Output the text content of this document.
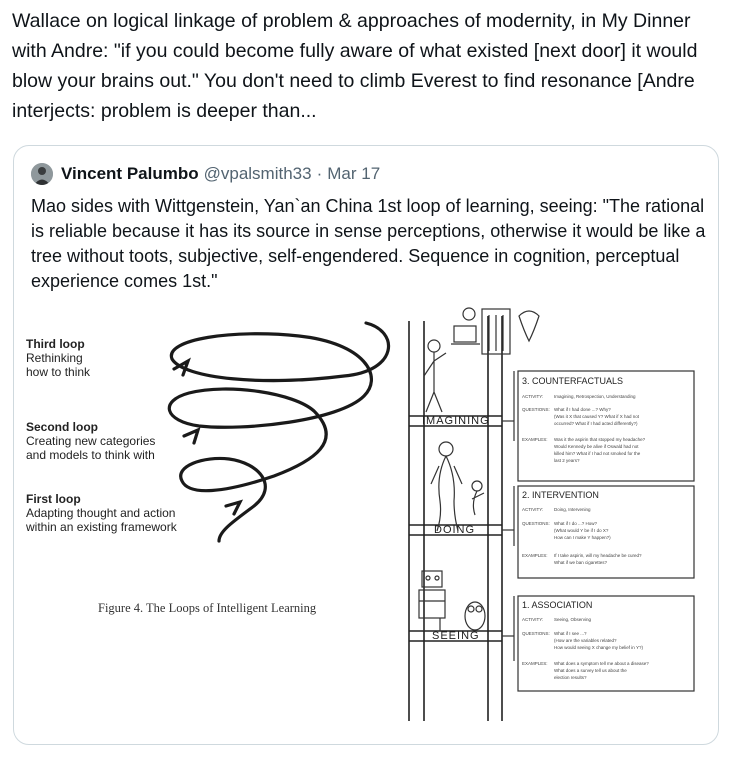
Wallace on logical linkage of problem & approaches of modernity, in My Dinner with Andre: "if you could become fully aware of what existed [next door] it would blow your brains out." You don't need to climb Everest to find resonance [Andre interjects: problem is deeper than...
Vincent Palumbo @vpalsmith33 · Mar 17
Mao sides with Wittgenstein, Yan`an China 1st loop of learning, seeing: "The rational is reliable because it has its source in sense perceptions, otherwise it would be like a tree without toots, subjective, self-engendered. Sequence in cognition, perceptual experience comes 1st."
Third loop
Rethinking
how to think
Second loop
Creating new categories
and models to think with
First loop
Adapting thought and action
within an existing framework
Figure 4. The Loops of Intelligent Learning
IMAGINING
DOING
SEEING
3. COUNTERFACTUALS
ACTIVITY: Imagining, Retrospection, Understanding
QUESTIONS: What if I had done ...? Why?
(Was it X that caused Y? What if X had not
occurred? What if I had acted differently?)
EXAMPLES: Was it the aspirin that stopped my headache?
Would Kennedy be alive if Oswald had not
killed him? What if I had not smoked for the
last 2 years?
2. INTERVENTION
ACTIVITY: Doing, Intervening
QUESTIONS: What if I do ...? How?
(What would Y be if I do X?
How can I make Y happen?)
EXAMPLES: If I take aspirin, will my headache be cured?
What if we ban cigarettes?
1. ASSOCIATION
ACTIVITY: Seeing, Observing
QUESTIONS: What if I see ...?
(How are the variables related?
How would seeing X change my belief in Y?)
EXAMPLES: What does a symptom tell me about a disease?
What does a survey tell us about the
election results?
